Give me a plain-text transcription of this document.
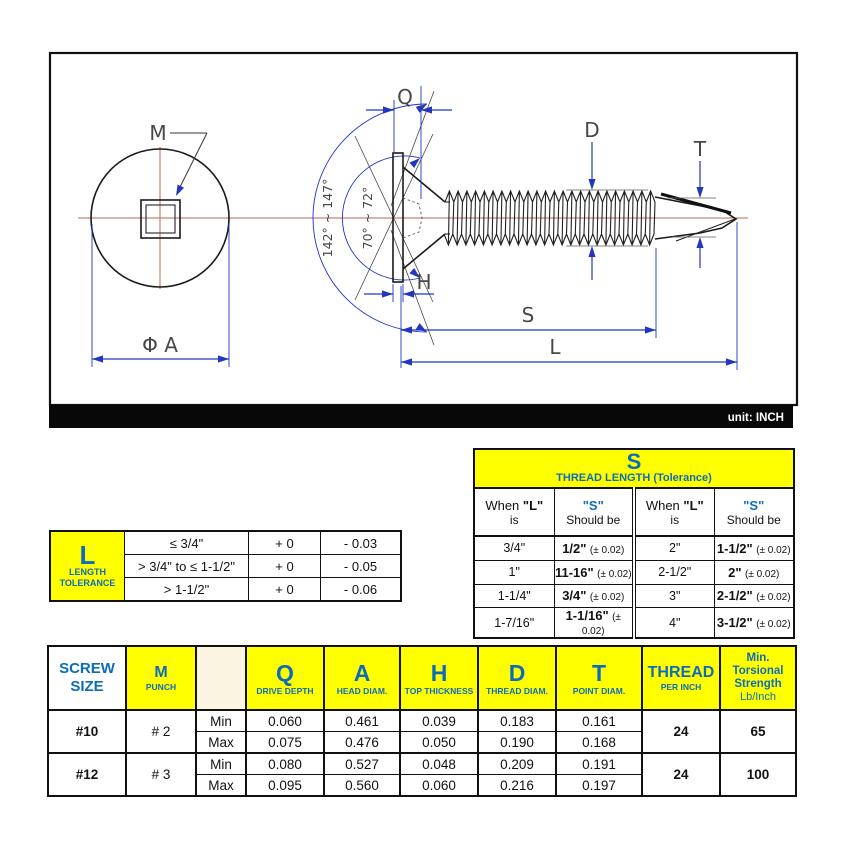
M
Φ A
142° ~ 147° 70° ~ 72°
Q
H
D
T
S
L
unit: INCH
L
LENGTH
TOLERANCE	≤ 3/4"	+ 0	- 0.03
	> 3/4" to ≤ 1-1/2"	+ 0	- 0.05
	> 1-1/2"	+ 0	- 0.06
S
THREAD LENGTH (Tolerance)			

When "L"
is

"S"
Should be

When "L"
is

"S"
Should be

3/4"	1/2" (± 0.02)	2"	1-1/2" (± 0.02)
1"	11-16" (± 0.02)	2-1/2"	2" (± 0.02)
1-1/4"	3/4" (± 0.02)	3"	2-1/2" (± 0.02)
1-7/16"	1-1/16" (± 0.02)	4"	3-1/2" (± 0.02)
SCREW
SIZE

M
PUNCH

Q
DRIVE DEPTH

A
HEAD DIAM.

H
TOP THICKNESS

D
THREAD DIAM.

T
POINT DIAM.

THREAD
PER INCH

Min.
Torsional
Strength
Lb/Inch

#10	# 2	Min	0.060	0.461	0.039	0.183	0.161	24	65
		Max	0.075	0.476	0.050	0.190	0.168		
#12	# 3	Min	0.080	0.527	0.048	0.209	0.191	24	100
		Max	0.095	0.560	0.060	0.216	0.197		
